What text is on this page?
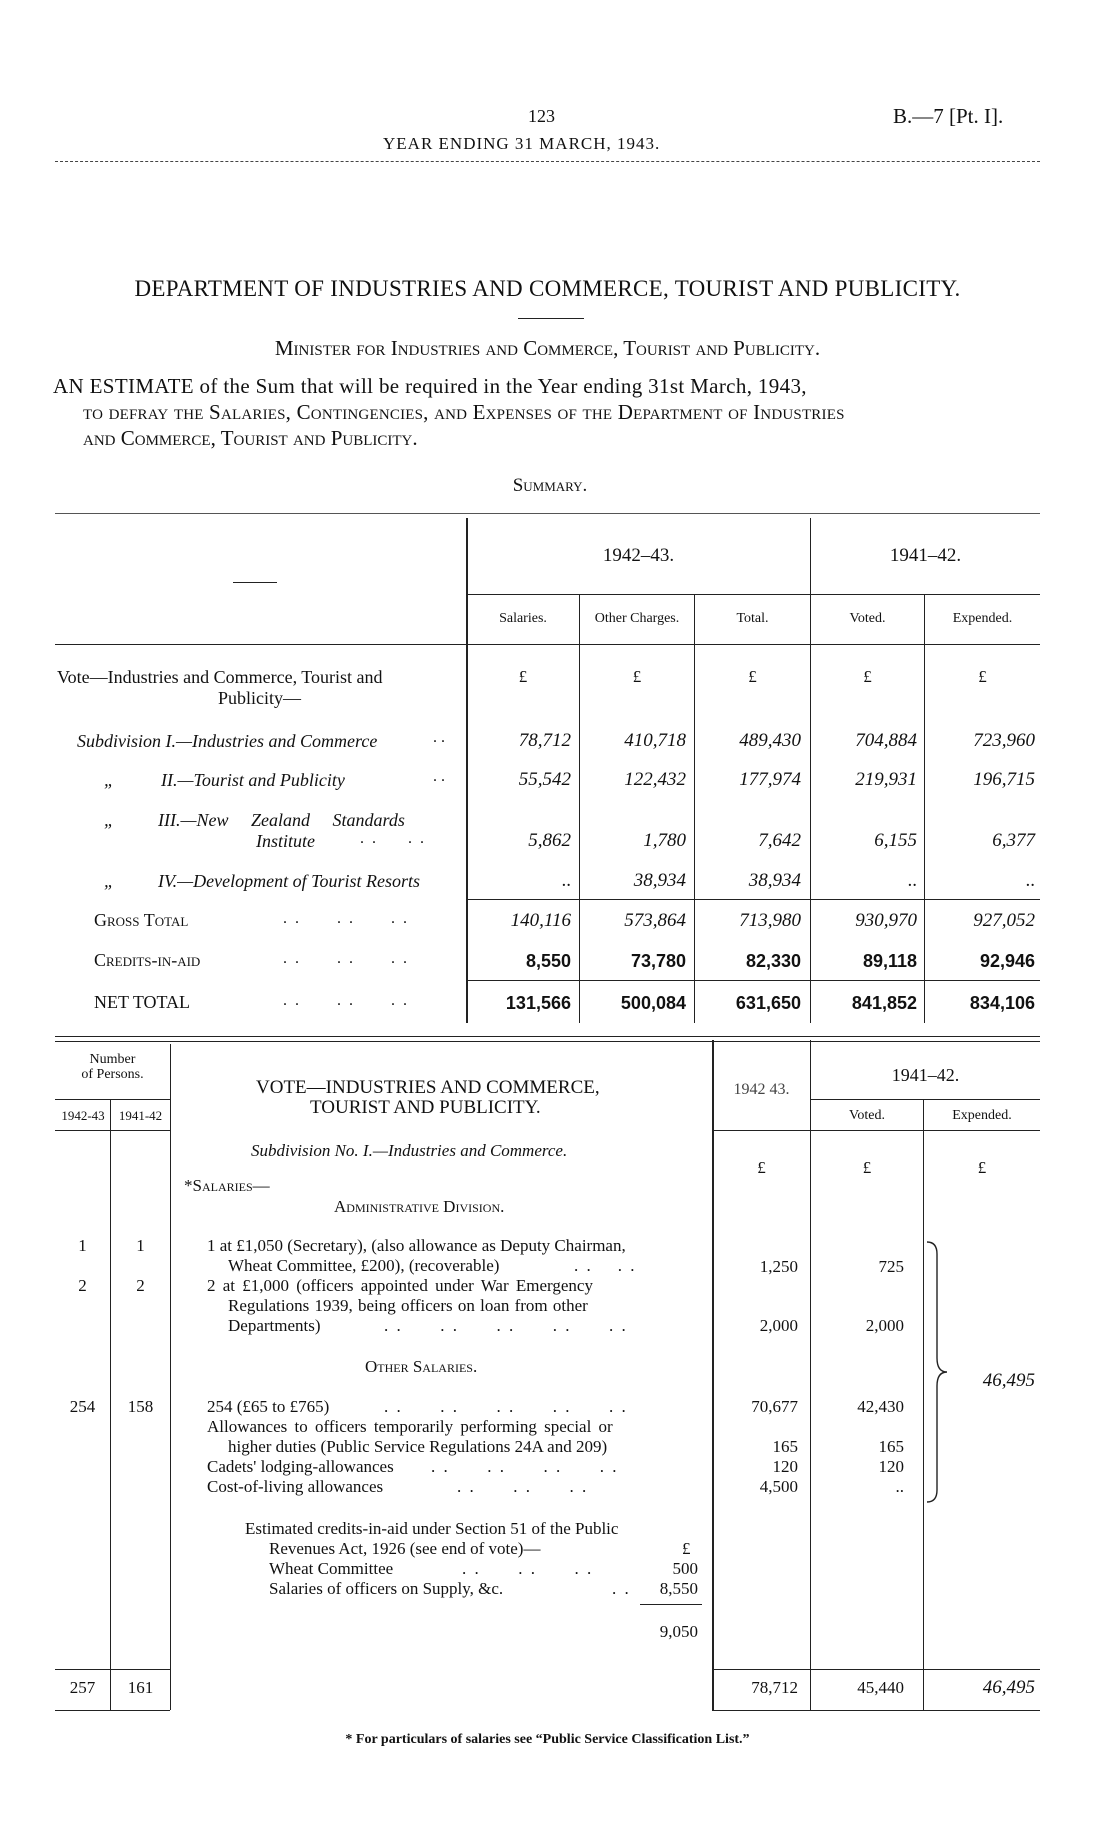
123	B.—7 [Pt. I].
YEAR ENDING 31 MARCH, 1943.
DEPARTMENT OF INDUSTRIES AND COMMERCE, TOURIST AND PUBLICITY.
Minister for Industries and Commerce, Tourist and Publicity.
AN ESTIMATE of the Sum that will be required in the Year ending 31st March, 1943,
to defray the Salaries, Contingencies, and Expenses of the Department of Industries
and Commerce, Tourist and Publicity.
Summary.
1942–43.	1941–42.
Salaries.	Other Charges.	Total.	Voted.	Expended.
Vote—Industries and Commerce, Tourist and
Publicity—
£	£	£	£	£
Subdivision I.—Industries and Commerce	. .	78,712	410,718	489,430	704,884	723,960
„	II.—Tourist and Publicity	. .	55,542	122,432	177,974	219,931	196,715
„ III.—New Zealand Standards
Institute	. .     . .	5,862	1,780	7,642	6,155	6,377
„ IV.—Development of Tourist Resorts	..	38,934	38,934	..	..
Gross Total	. .      . .      . .	140,116	573,864	713,980	930,970	927,052
Credits-in-aid	. .      . .      . .	8,550	73,780	82,330	89,118	92,946
NET TOTAL	. .      . .      . .	131,566	500,084	631,650	841,852	834,106
Number
of Persons.
1942-43	1941-42
VOTE—INDUSTRIES AND COMMERCE,
TOURIST AND PUBLICITY.
1942 43.
1941–42.
Voted.	Expended.
Subdivision No. I.—Industries and Commerce.
£	£	£
*Salaries—
Administrative Division.
1	1	1 at £1,050 (Secretary), (also allowance as Deputy Chairman,
Wheat Committee, £200), (recoverable)	. .    . .	1,250	725
2	2	2 at £1,000 (officers appointed under War Emergency
Regulations 1939, being officers on loan from other
Departments)	. .      . .      . .      . .      . .	2,000	2,000
Other Salaries.
254	158	254 (£65 to £765)	. .      . .      . .      . .      . .	70,677	42,430
Allowances to officers temporarily performing special or
higher duties (Public Service Regulations 24A and 209)	165	165
Cadets' lodging-allowances . .      . .      . .      . .	120	120
Cost-of-living allowances	. .      . .      . .	4,500	..
46,495
Estimated credits-in-aid under Section 51 of the Public
Revenues Act, 1926 (see end of vote)—	£
Wheat Committee	. .      . .      . .	500
Salaries of officers on Supply, &c.	. .	8,550
9,050
257	161	78,712	45,440	46,495
* For particulars of salaries see “Public Service Classification List.”
